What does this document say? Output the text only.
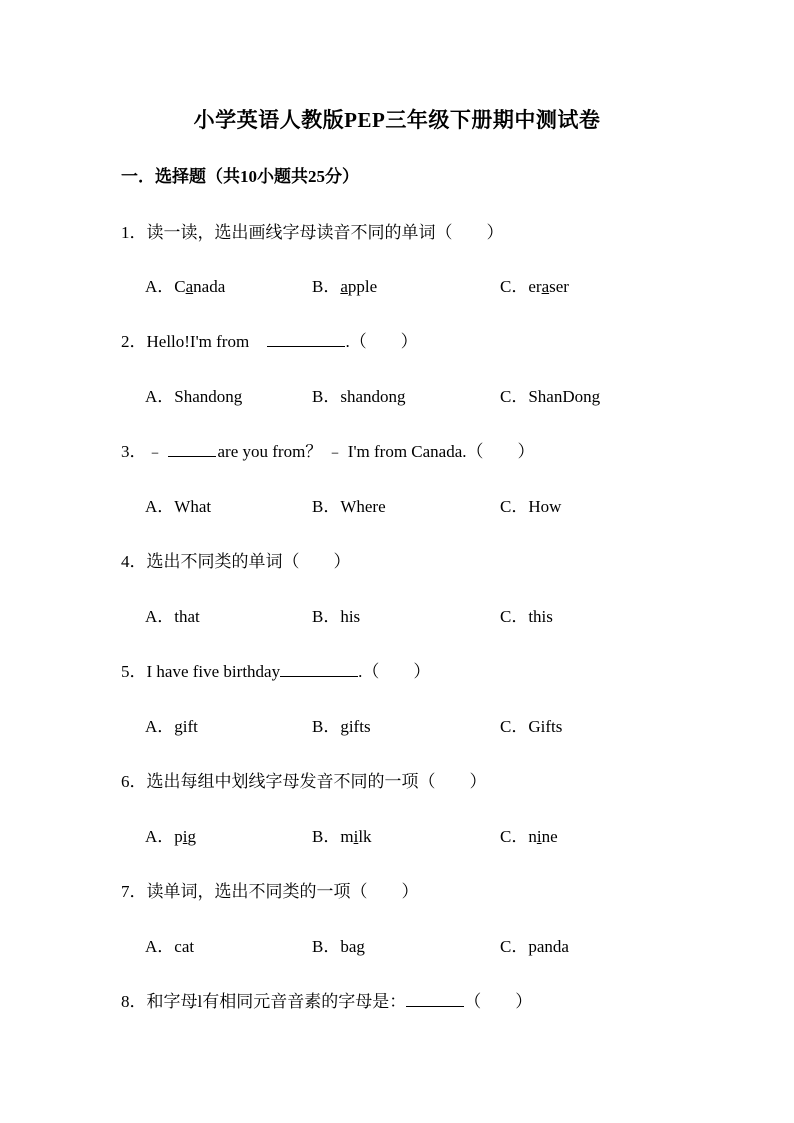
小学英语人教版PEP三年级下册期中测试卷
一．选择题（共10小题共25分）
1．读一读，选出画线字母读音不同的单词（　　）
A．Canada	B．apple	C．eraser
2．Hello!I'm from	.（　　）
A．Shandong	B．shandong	C．ShanDong
3．﹣	are you from？ ﹣ I'm from Canada.（　　）
A．What	B．Where	C．How
4．选出不同类的单词（　　）
A．that	B．his	C．this
5．I have five birthday	.（　　）
A．gift	B．gifts	C．Gifts
6．选出每组中划线字母发音不同的一项（　　）
A．pig	B．milk	C．nine
7．读单词，选出不同类的一项（　　）
A．cat	B．bag	C．panda
8．和字母l有相同元音音素的字母是：	（　　）
